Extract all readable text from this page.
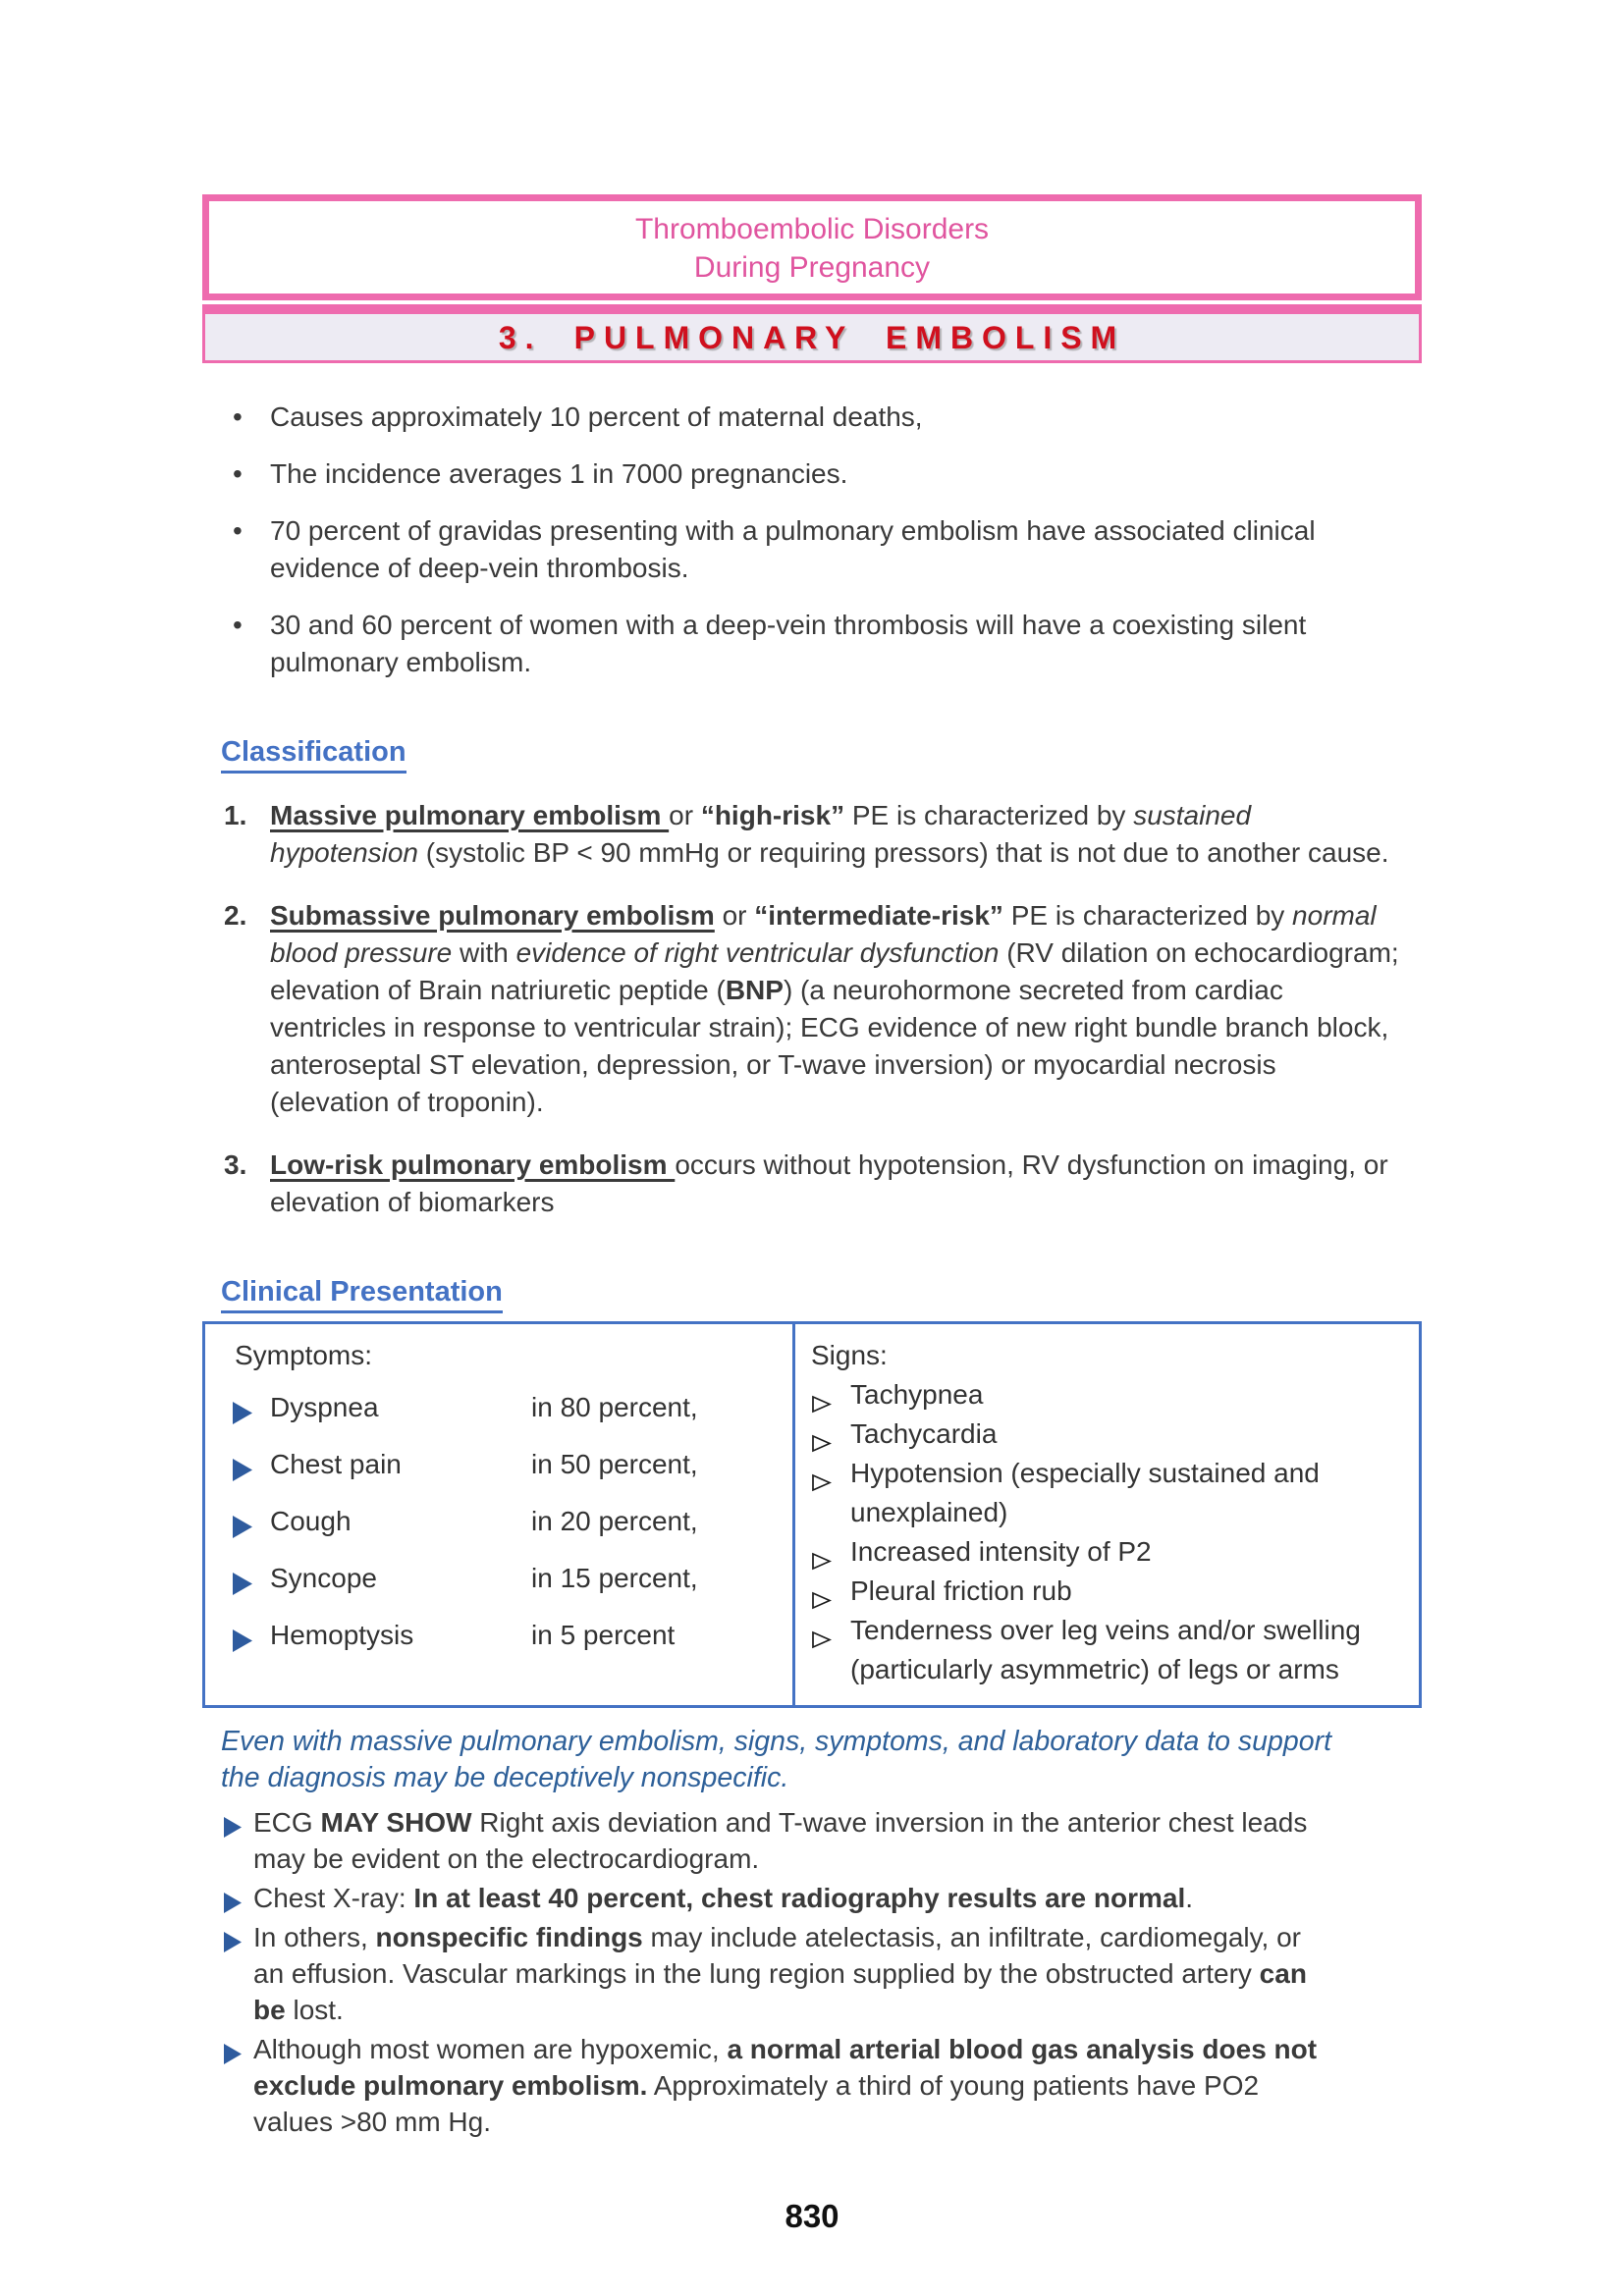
Thromboembolic Disorders
During Pregnancy
3. PULMONARY EMBOLISM
• Causes approximately 10 percent of maternal deaths,
• The incidence averages 1 in 7000 pregnancies.
• 70 percent of gravidas presenting with a pulmonary embolism have associated clinical evidence of deep-vein thrombosis.
• 30 and 60 percent of women with a deep-vein thrombosis will have a coexisting silent pulmonary embolism.
Classification
1. Massive pulmonary embolism or “high-risk” PE is characterized by sustained hypotension (systolic BP < 90 mmHg or requiring pressors) that is not due to another cause.
2. Submassive pulmonary embolism or “intermediate-risk” PE is characterized by normal blood pressure with evidence of right ventricular dysfunction (RV dilation on echocardiogram; elevation of Brain natriuretic peptide (BNP) (a neurohormone secreted from cardiac ventricles in response to ventricular strain); ECG evidence of new right bundle branch block, anteroseptal ST elevation, depression, or T-wave inversion) or myocardial necrosis (elevation of troponin).
3. Low-risk pulmonary embolism occurs without hypotension, RV dysfunction on imaging, or elevation of biomarkers
Clinical Presentation
Symptoms:
Dyspnea	in 80 percent,
Chest pain	in 50 percent,
Cough	in 20 percent,
Syncope	in 15 percent,
Hemoptysis	in 5 percent
Signs:
Tachypnea
Tachycardia
Hypotension (especially sustained and unexplained)
Increased intensity of P2
Pleural friction rub
Tenderness over leg veins and/or swelling (particularly asymmetric) of legs or arms

Even with massive pulmonary embolism, signs, symptoms, and laboratory data to support the diagnosis may be deceptively nonspecific.

ECG MAY SHOW Right axis deviation and T-wave inversion in the anterior chest leads may be evident on the electrocardiogram.
Chest X-ray: In at least 40 percent, chest radiography results are normal.
In others, nonspecific findings may include atelectasis, an infiltrate, cardiomegaly, or an effusion. Vascular markings in the lung region supplied by the obstructed artery can be lost.
Although most women are hypoxemic, a normal arterial blood gas analysis does not exclude pulmonary embolism. Approximately a third of young patients have PO2 values >80 mm Hg.
830
